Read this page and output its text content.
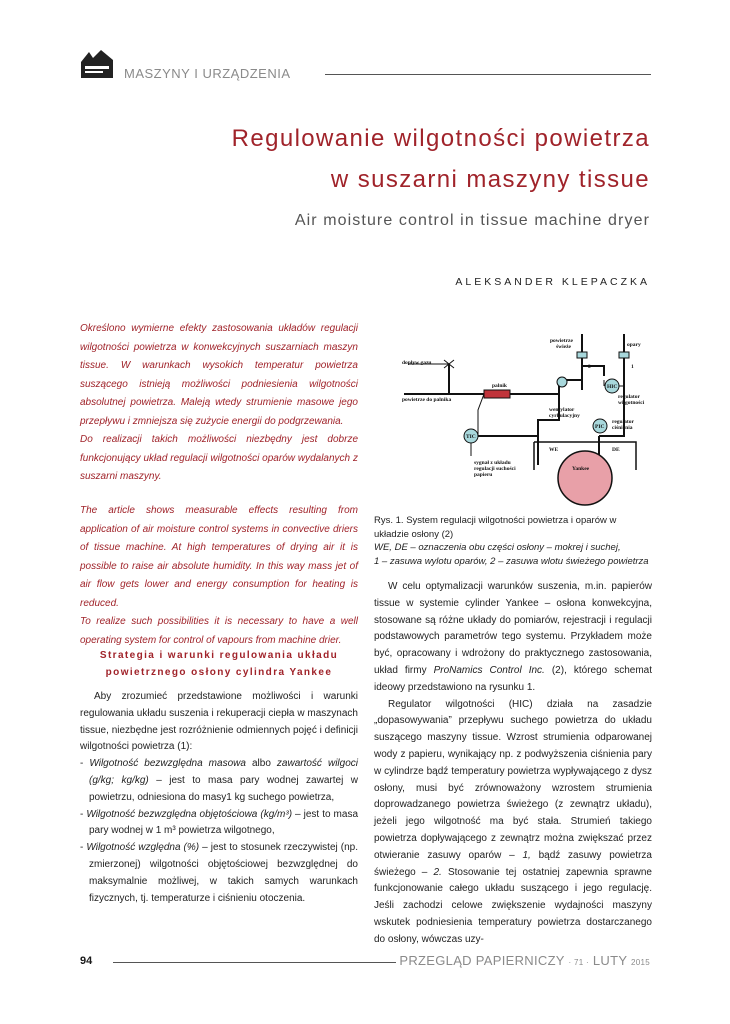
MASZYNY I URZĄDZENIA
Regulowanie wilgotności powietrza
w suszarni maszyny tissue
Air moisture control in tissue machine dryer
ALEKSANDER KLEPACZKA

Określono wymierne efekty zastosowania układów regulacji wilgotności powietrza w konwekcyjnych suszarniach maszyn tissue. W warunkach wysokich temperatur powietrza suszącego istnieją możliwości podniesienia wilgotności absolutnej powietrza. Maleją wtedy strumienie masowe jego przepływu i zmniejsza się zużycie energii do podgrzewania.

Do realizacji takich możliwości niezbędny jest dobrze funkcjonujący układ regulacji wilgotności oparów wydalanych z suszarni maszyny.

The article shows measurable effects resulting from application of air moisture control systems in convective driers of tissue machine. At high temperatures of drying air it is possible to raise air absolute humidity. In this way mass jet of air flow gets lower and energy consumption for heating is reduced.

To realize such possibilities it is necessary to have a well operating system for control of vapours from machine drier.

Strategia i warunki regulowania układu
powietrznego osłony cylindra Yankee

Aby zrozumieć przedstawione możliwości i warunki regulowania układu suszenia i rekuperacji ciepła w maszynach tissue, niezbędne jest rozróżnienie odmiennych pojęć i definicji wilgotności powietrza (1):

- Wilgotność bezwzględna masowa albo zawartość wilgoci (g/kg; kg/kg) – jest to masa pary wodnej zawartej w powietrzu, odniesiona do masy1 kg suchego powietrza,

- Wilgotność bezwzględna objętościowa (kg/m³) – jest to masa pary wodnej w 1 m³ powietrza wilgotnego,

- Wilgotność względna (%) – jest to stosunek rzeczywistej (np. zmierzonej) wilgotności objętościowej bezwzględnej do maksymalnie możliwej, w takich samych warunkach fizycznych, tj. temperaturze i ciśnieniu otoczenia.

powietrze
świeże	opary
dopływ gazu
palnik
powietrze do palnika
wentylator
cyrkulacyjny
HIC
regulator
wilgotności
PIC
regulator
ciśnienia
TIC
sygnał z układu
regulacji suchości
papieru
WE	DE
Yankee
1
2

Rys. 1. System regulacji wilgotności powietrza i oparów w układzie osłony (2)

WE, DE – oznaczenia obu części osłony – mokrej i suchej,

1 – zasuwa wylotu oparów, 2 – zasuwa wlotu świeżego powietrza

W celu optymalizacji warunków suszenia, m.in. papierów tissue w systemie cylinder Yankee – osłona konwekcyjna, stosowane są różne układy do pomiarów, rejestracji i regulacji podstawowych parametrów tego systemu. Przykładem może być, opracowany i wdrożony do praktycznego zastosowania, układ firmy ProNamics Control Inc. (2), którego schemat ideowy przedstawiono na rysunku 1.

Regulator wilgotności (HIC) działa na zasadzie „dopasowywania” przepływu suchego powietrza do układu suszącego maszyny tissue. Wzrost strumienia odparowanej wody z papieru, wynikający np. z podwyższenia ciśnienia pary w cylindrze bądź temperatury powietrza wypływającego z dysz osłony, musi być zrównoważony wzrostem strumienia doprowadzanego powietrza świeżego (z zewnątrz układu), jeżeli jego wilgotność ma być stała. Strumień takiego powietrza dopływającego z zewnątrz można zwiększać przez otwieranie zasuwy oparów – 1, bądź zasuwy powietrza świeżego – 2. Stosowanie tej ostatniej zapewnia sprawne funkcjonowanie całego układu suszącego i jego regulację. Jeśli zachodzi celowe zwiększenie wydajności maszyny wskutek podniesienia temperatury powietrza dostarczanego do osłony, wówczas uzy-

94	PRZEGLĄD PAPIERNICZY · 71 · LUTY 2015
